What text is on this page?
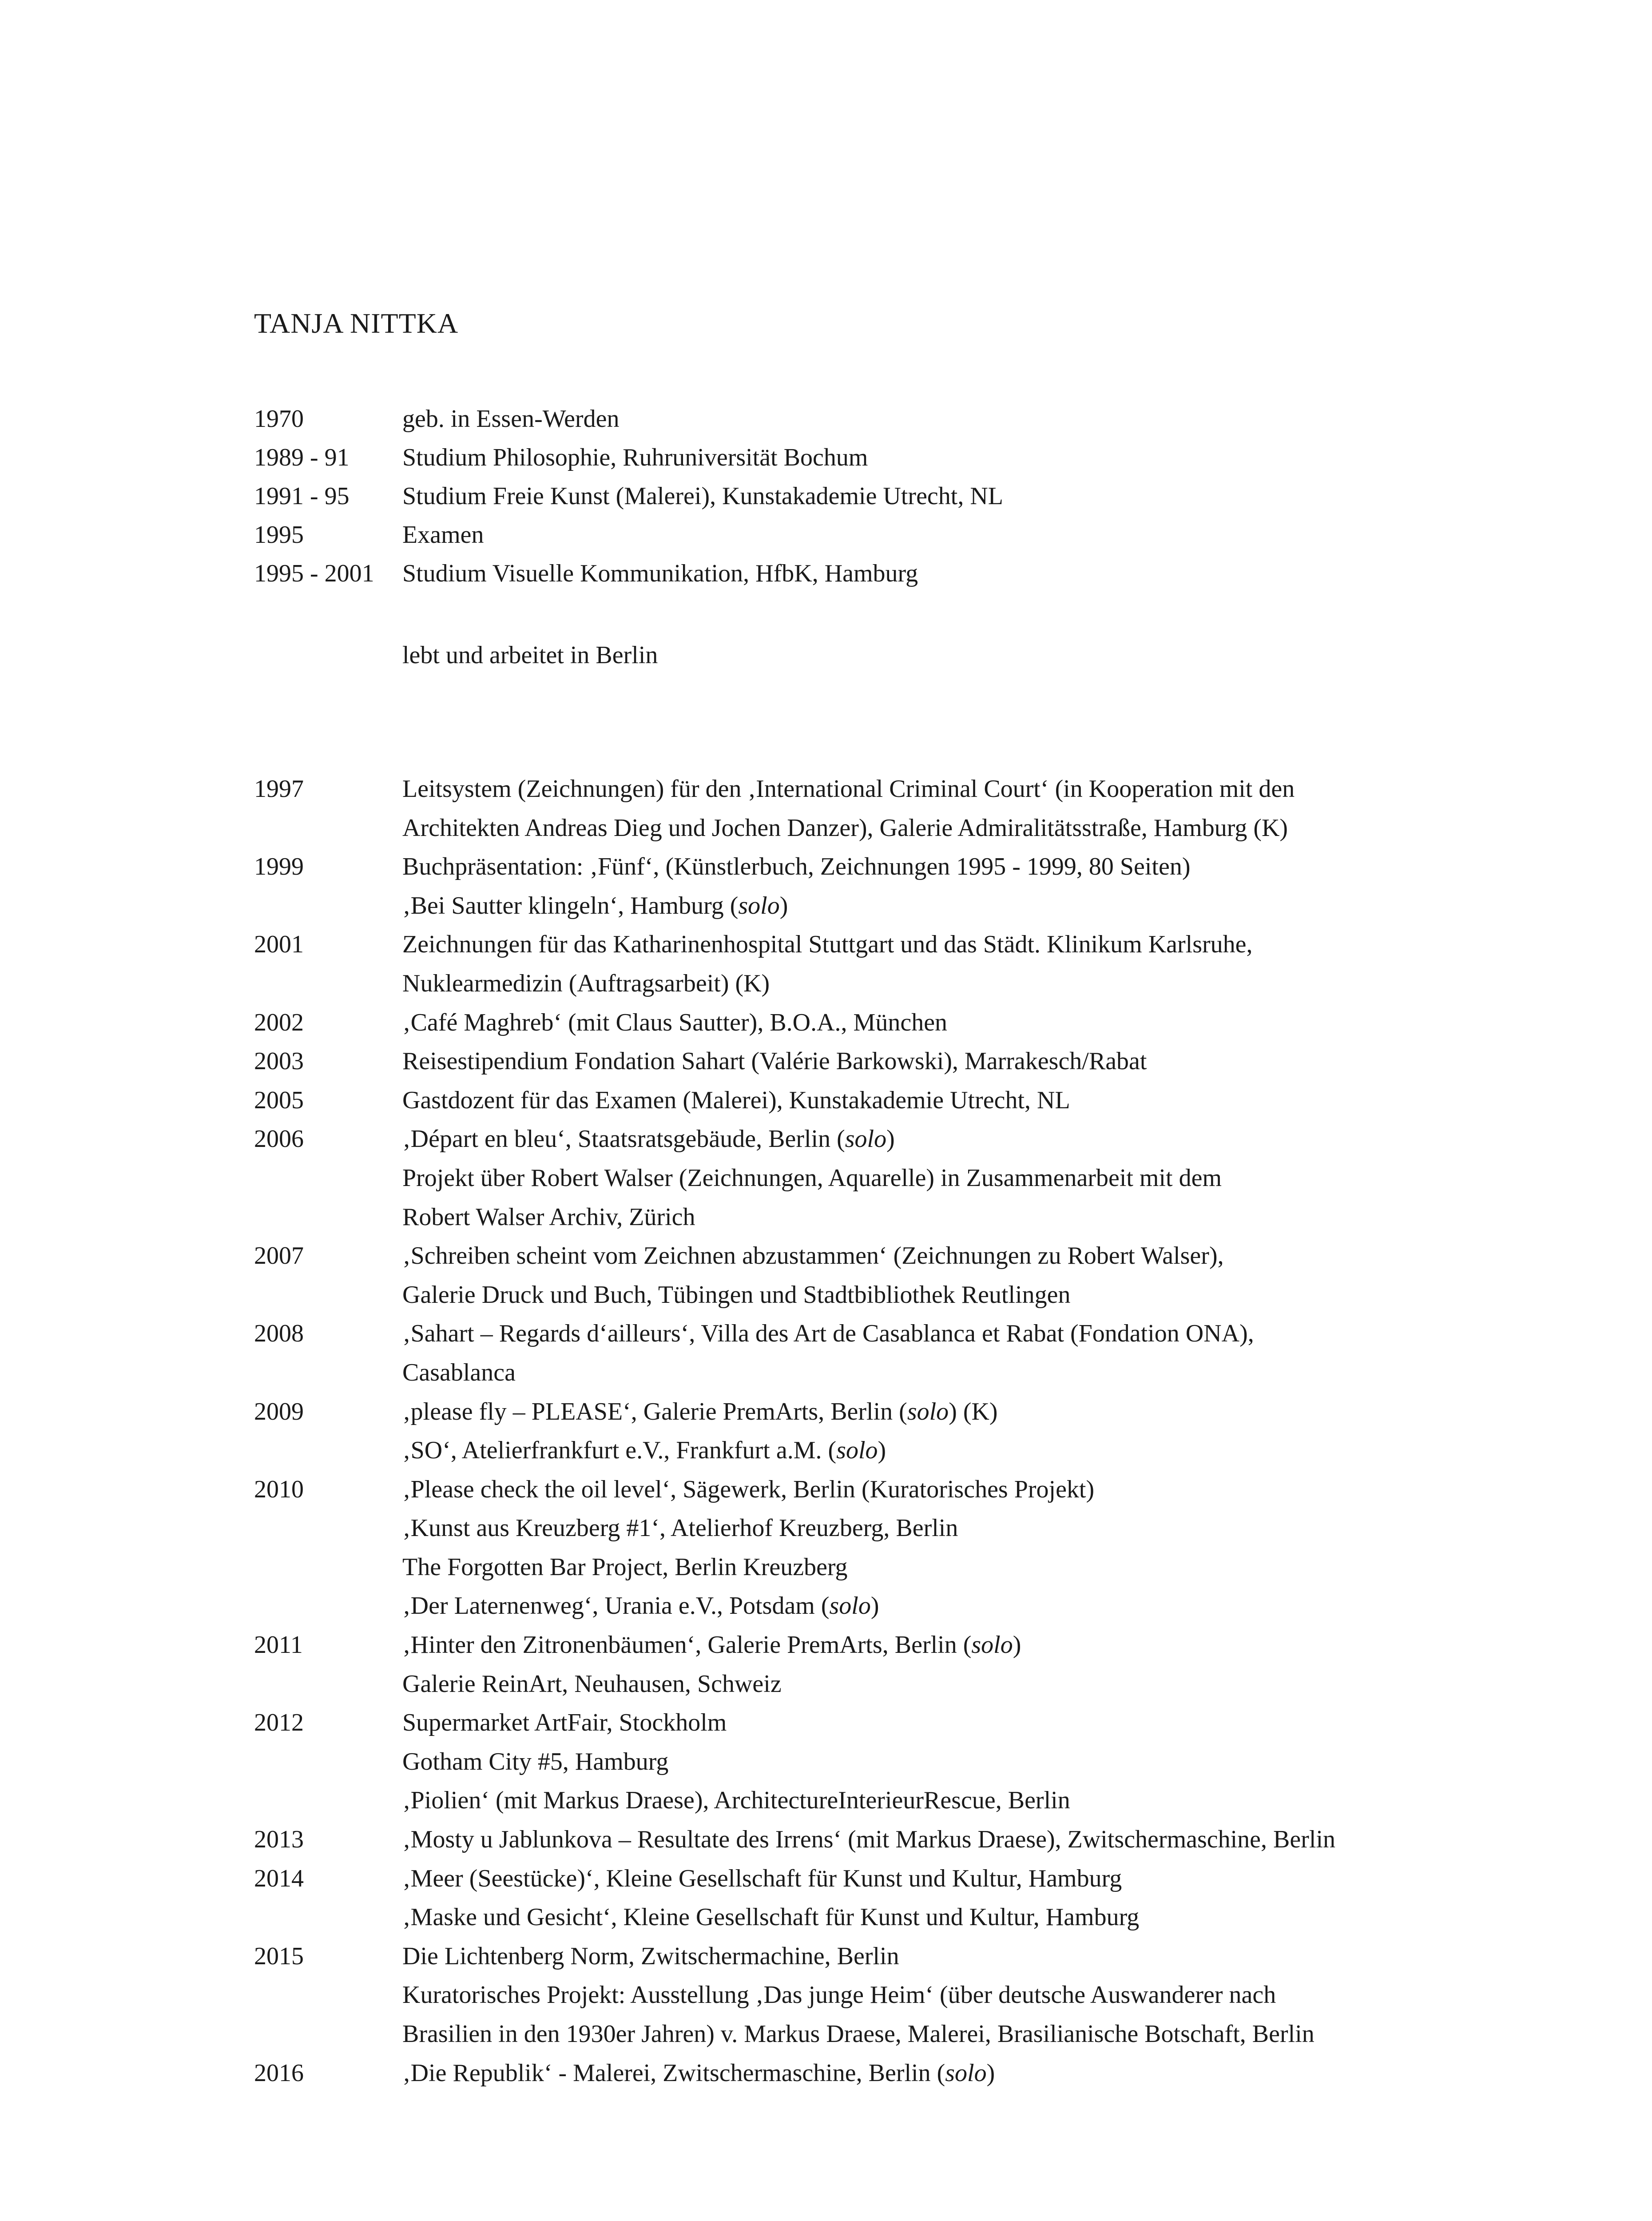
TANJA NITTKA
1970	geb. in Essen-Werden
1989 - 91 Studium Philosophie, Ruhruniversität Bochum
1991 - 95 Studium Freie Kunst (Malerei), Kunstakademie Utrecht, NL
1995	Examen
1995 - 2001 Studium Visuelle Kommunikation, HfbK, Hamburg
lebt und arbeitet in Berlin
1997	Leitsystem (Zeichnungen) für den ‚International Criminal Court‘ (in Kooperation mit den
Architekten Andreas Dieg und Jochen Danzer), Galerie Admiralitätsstraße, Hamburg (K)
1999	Buchpräsentation: ‚Fünf‘, (Künstlerbuch, Zeichnungen 1995 - 1999, 80 Seiten)
‚Bei Sautter klingeln‘, Hamburg (solo)
2001	Zeichnungen für das Katharinenhospital Stuttgart und das Städt. Klinikum Karlsruhe,
Nuklearmedizin (Auftragsarbeit) (K)
2002	‚Café Maghreb‘ (mit Claus Sautter), B.O.A., München
2003	Reisestipendium Fondation Sahart (Valérie Barkowski), Marrakesch/Rabat
2005	Gastdozent für das Examen (Malerei), Kunstakademie Utrecht, NL
2006	‚Départ en bleu‘, Staatsratsgebäude, Berlin (solo)
Projekt über Robert Walser (Zeichnungen, Aquarelle) in Zusammenarbeit mit dem
Robert Walser Archiv, Zürich
2007	‚Schreiben scheint vom Zeichnen abzustammen‘ (Zeichnungen zu Robert Walser),
Galerie Druck und Buch, Tübingen und Stadtbibliothek Reutlingen
2008	‚Sahart – Regards d‘ailleurs‘, Villa des Art de Casablanca et Rabat (Fondation ONA),
Casablanca
2009	‚please fly – PLEASE‘, Galerie PremArts, Berlin (solo) (K)
‚SO‘, Atelierfrankfurt e.V., Frankfurt a.M. (solo)
2010	‚Please check the oil level‘, Sägewerk, Berlin (Kuratorisches Projekt)
‚Kunst aus Kreuzberg #1‘, Atelierhof Kreuzberg, Berlin
The Forgotten Bar Project, Berlin Kreuzberg
‚Der Laternenweg‘, Urania e.V., Potsdam (solo)
2011	‚Hinter den Zitronenbäumen‘, Galerie PremArts, Berlin (solo)
Galerie ReinArt, Neuhausen, Schweiz
2012	Supermarket ArtFair, Stockholm
Gotham City #5, Hamburg
‚Piolien‘ (mit Markus Draese), ArchitectureInterieurRescue, Berlin
2013	‚Mosty u Jablunkova – Resultate des Irrens‘ (mit Markus Draese), Zwitschermaschine, Berlin
2014	‚Meer (Seestücke)‘, Kleine Gesellschaft für Kunst und Kultur, Hamburg
‚Maske und Gesicht‘, Kleine Gesellschaft für Kunst und Kultur, Hamburg
2015	Die Lichtenberg Norm, Zwitschermachine, Berlin
Kuratorisches Projekt: Ausstellung ‚Das junge Heim‘ (über deutsche Auswanderer nach
Brasilien in den 1930er Jahren) v. Markus Draese, Malerei, Brasilianische Botschaft, Berlin
2016	‚Die Republik‘ - Malerei, Zwitschermaschine, Berlin (solo)
